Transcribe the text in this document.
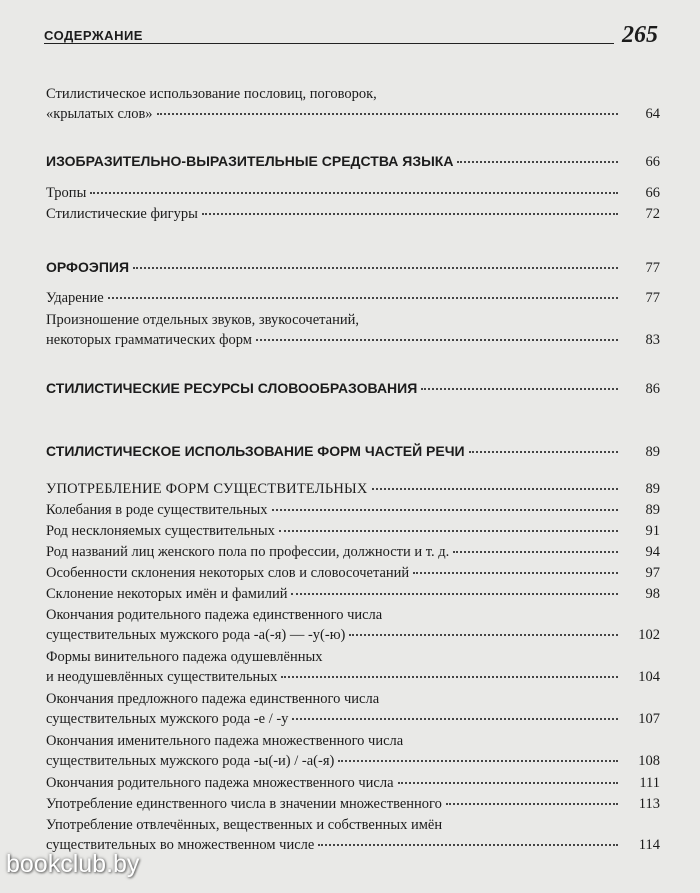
СОДЕРЖАНИЕ	265
Стилистическое использование пословиц, поговорок,
«крылатых слов»	64
ИЗОБРАЗИТЕЛЬНО-ВЫРАЗИТЕЛЬНЫЕ СРЕДСТВА ЯЗЫКА	66
Тропы	66
Стилистические фигуры	72
ОРФОЭПИЯ	77
Ударение	77
Произношение отдельных звуков, звукосочетаний,
некоторых грамматических форм	83
СТИЛИСТИЧЕСКИЕ РЕСУРСЫ СЛОВООБРАЗОВАНИЯ	86
СТИЛИСТИЧЕСКОЕ ИСПОЛЬЗОВАНИЕ ФОРМ ЧАСТЕЙ РЕЧИ	89
УПОТРЕБЛЕНИЕ ФОРМ СУЩЕСТВИТЕЛЬНЫХ	89
Колебания в роде существительных	89
Род несклоняемых существительных	91
Род названий лиц женского пола по профессии, должности и т. д.	94
Особенности склонения некоторых слов и словосочетаний	97
Склонение некоторых имён и фамилий	98
Окончания родительного падежа единственного числа
существительных мужского рода -а(-я) — -у(-ю)	102
Формы винительного падежа одушевлённых
и неодушевлённых существительных	104
Окончания предложного падежа единственного числа
существительных мужского рода -е / -у	107
Окончания именительного падежа множественного числа
существительных мужского рода -ы(-и) / -а(-я)	108
Окончания родительного падежа множественного числа	111
Употребление единственного числа в значении множественного	113
Употребление отвлечённых, вещественных и собственных имён
существительных во множественном числе	114
bookclub.by
